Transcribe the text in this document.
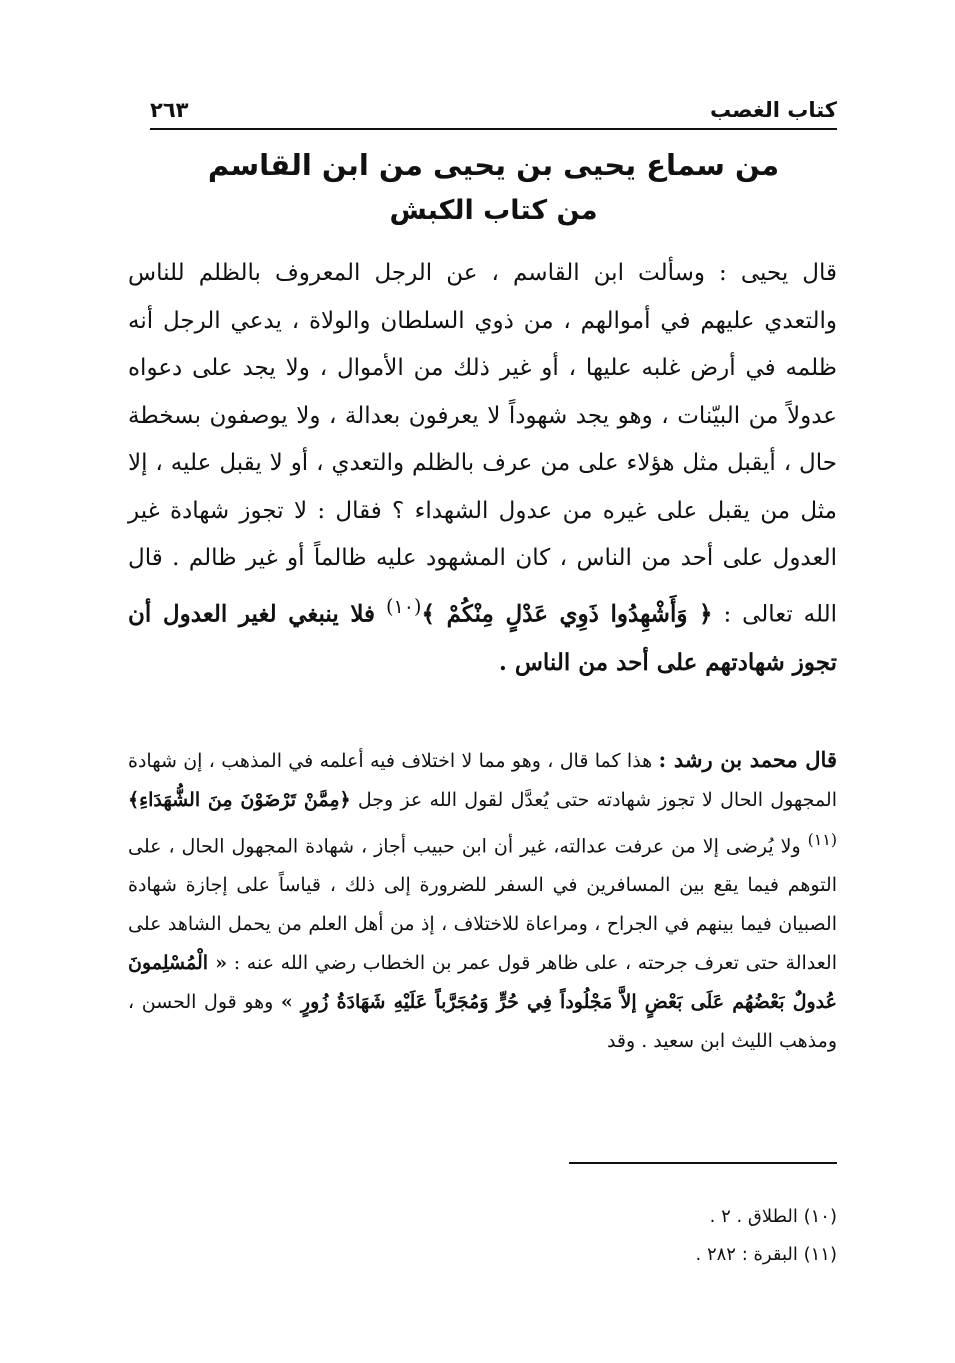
كتاب الغصب
٢٦٣
من سماع يحيى بن يحيى من ابن القاسم
من كتاب الكبش

قال يحيى : وسألت ابن القاسم ، عن الرجل المعروف بالظلم للناس والتعدي عليهم في أموالهم ، من ذوي السلطان والولاة ، يدعي الرجل أنه ظلمه في أرض غلبه عليها ، أو غير ذلك من الأموال ، ولا يجد على دعواه عدولاً من البيّنات ، وهو يجد شهوداً لا يعرفون بعدالة ، ولا يوصفون بسخطة حال ، أيقبل مثل هؤلاء على من عرف بالظلم والتعدي ، أو لا يقبل عليه ، إلا مثل من يقبل على غيره من عدول الشهداء ؟ فقال : لا تجوز شهادة غير العدول على أحد من الناس ، كان المشهود عليه ظالماً أو غير ظالم . قال الله تعالى : ﴿ وَأَشْهِدُوا ذَوِي عَدْلٍ مِنْكُمْ ﴾$^{(١٠)}$ فلا ينبغي لغير العدول أن تجوز شهادتهم على أحد من الناس .

قال محمد بن رشد : هذا كما قال ، وهو مما لا اختلاف فيه أعلمه في المذهب ، إن شهادة المجهول الحال لا تجوز شهادته حتى يُعدَّل لقول الله عز وجل ﴿مِمَّنْ تَرْضَوْنَ مِنَ الشُّهَدَاءِ﴾$^{(١١)}$ ولا يُرضى إلا من عرفت عدالته، غير أن ابن حبيب أجاز ، شهادة المجهول الحال ، على التوهم فيما يقع بين المسافرين في السفر للضرورة إلى ذلك ، قياساً على إجازة شهادة الصبيان فيما بينهم في الجراح ، ومراعاة للاختلاف ، إذ من أهل العلم من يحمل الشاهد على العدالة حتى تعرف جرحته ، على ظاهر قول عمر بن الخطاب رضي الله عنه : « الْمُسْلِمونَ عُدولٌ بَعْضُهُم عَلَى بَعْضٍ إلاَّ مَجْلُوداً فِي حُرٍّ وَمُجَرَّباً عَلَيْهِ شَهَادَةُ زُورٍ » وهو قول الحسن ، ومذهب الليث ابن سعيد . وقد

(١٠) الطلاق . ٢ .
(١١) البقرة : ٢٨٢ .
